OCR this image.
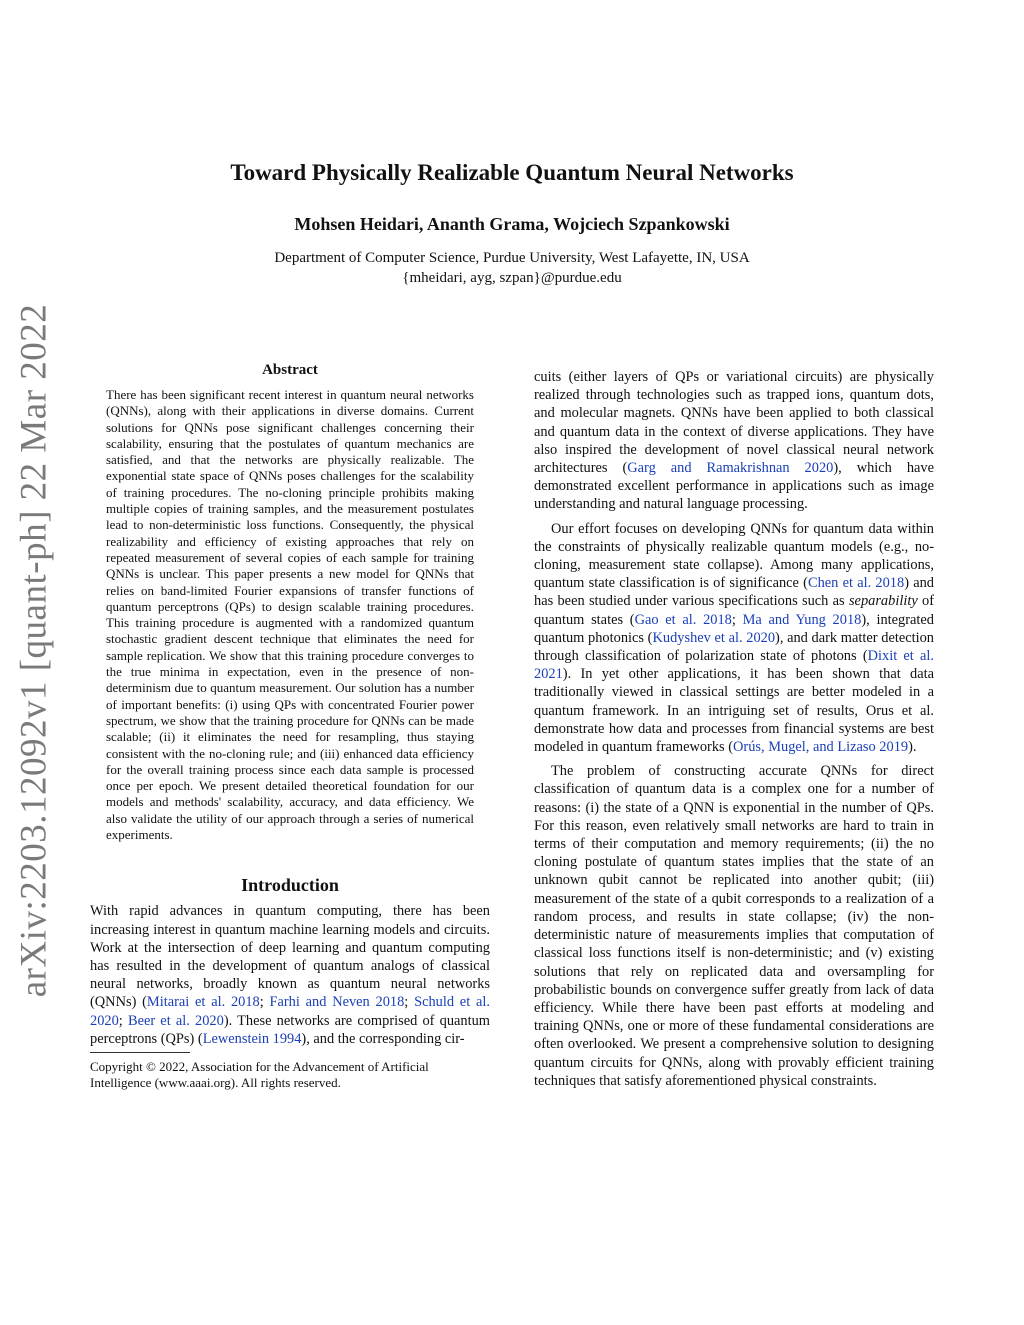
arXiv:2203.12092v1 [quant-ph] 22 Mar 2022
Toward Physically Realizable Quantum Neural Networks
Mohsen Heidari, Ananth Grama, Wojciech Szpankowski
Department of Computer Science, Purdue University, West Lafayette, IN, USA
{mheidari, ayg, szpan}@purdue.edu
Abstract

There has been significant recent interest in quantum neural networks (QNNs), along with their applications in diverse domains. Current solutions for QNNs pose significant challenges concerning their scalability, ensuring that the postulates of quantum mechanics are satisfied, and that the networks are physically realizable. The exponential state space of QNNs poses challenges for the scalability of training procedures. The no-cloning principle prohibits making multiple copies of training samples, and the measurement postulates lead to non-deterministic loss functions. Consequently, the physical realizability and efficiency of existing approaches that rely on repeated measurement of several copies of each sample for training QNNs is unclear. This paper presents a new model for QNNs that relies on band-limited Fourier expansions of transfer functions of quantum perceptrons (QPs) to design scalable training procedures. This training procedure is augmented with a randomized quantum stochastic gradient descent technique that eliminates the need for sample replication. We show that this training procedure converges to the true minima in expectation, even in the presence of non-determinism due to quantum measurement. Our solution has a number of important benefits: (i) using QPs with concentrated Fourier power spectrum, we show that the training procedure for QNNs can be made scalable; (ii) it eliminates the need for resampling, thus staying consistent with the no-cloning rule; and (iii) enhanced data efficiency for the overall training process since each data sample is processed once per epoch. We present detailed theoretical foundation for our models and methods' scalability, accuracy, and data efficiency. We also validate the utility of our approach through a series of numerical experiments.

Introduction

With rapid advances in quantum computing, there has been increasing interest in quantum machine learning models and circuits. Work at the intersection of deep learning and quantum computing has resulted in the development of quantum analogs of classical neural networks, broadly known as quantum neural networks (QNNs) (Mitarai et al. 2018; Farhi and Neven 2018; Schuld et al. 2020; Beer et al. 2020). These networks are comprised of quantum perceptrons (QPs) (Lewenstein 1994), and the corresponding cir-

Copyright © 2022, Association for the Advancement of Artificial Intelligence (www.aaai.org). All rights reserved.

cuits (either layers of QPs or variational circuits) are physically realized through technologies such as trapped ions, quantum dots, and molecular magnets. QNNs have been applied to both classical and quantum data in the context of diverse applications. They have also inspired the development of novel classical neural network architectures (Garg and Ramakrishnan 2020), which have demonstrated excellent performance in applications such as image understanding and natural language processing.

Our effort focuses on developing QNNs for quantum data within the constraints of physically realizable quantum models (e.g., no-cloning, measurement state collapse). Among many applications, quantum state classification is of significance (Chen et al. 2018) and has been studied under various specifications such as separability of quantum states (Gao et al. 2018; Ma and Yung 2018), integrated quantum photonics (Kudyshev et al. 2020), and dark matter detection through classification of polarization state of photons (Dixit et al. 2021). In yet other applications, it has been shown that data traditionally viewed in classical settings are better modeled in a quantum framework. In an intriguing set of results, Orus et al. demonstrate how data and processes from financial systems are best modeled in quantum frameworks (Orús, Mugel, and Lizaso 2019).

The problem of constructing accurate QNNs for direct classification of quantum data is a complex one for a number of reasons: (i) the state of a QNN is exponential in the number of QPs. For this reason, even relatively small networks are hard to train in terms of their computation and memory requirements; (ii) the no cloning postulate of quantum states implies that the state of an unknown qubit cannot be replicated into another qubit; (iii) measurement of the state of a qubit corresponds to a realization of a random process, and results in state collapse; (iv) the non-deterministic nature of measurements implies that computation of classical loss functions itself is non-deterministic; and (v) existing solutions that rely on replicated data and oversampling for probabilistic bounds on convergence suffer greatly from lack of data efficiency. While there have been past efforts at modeling and training QNNs, one or more of these fundamental considerations are often overlooked. We present a comprehensive solution to designing quantum circuits for QNNs, along with provably efficient training techniques that satisfy aforementioned physical constraints.
